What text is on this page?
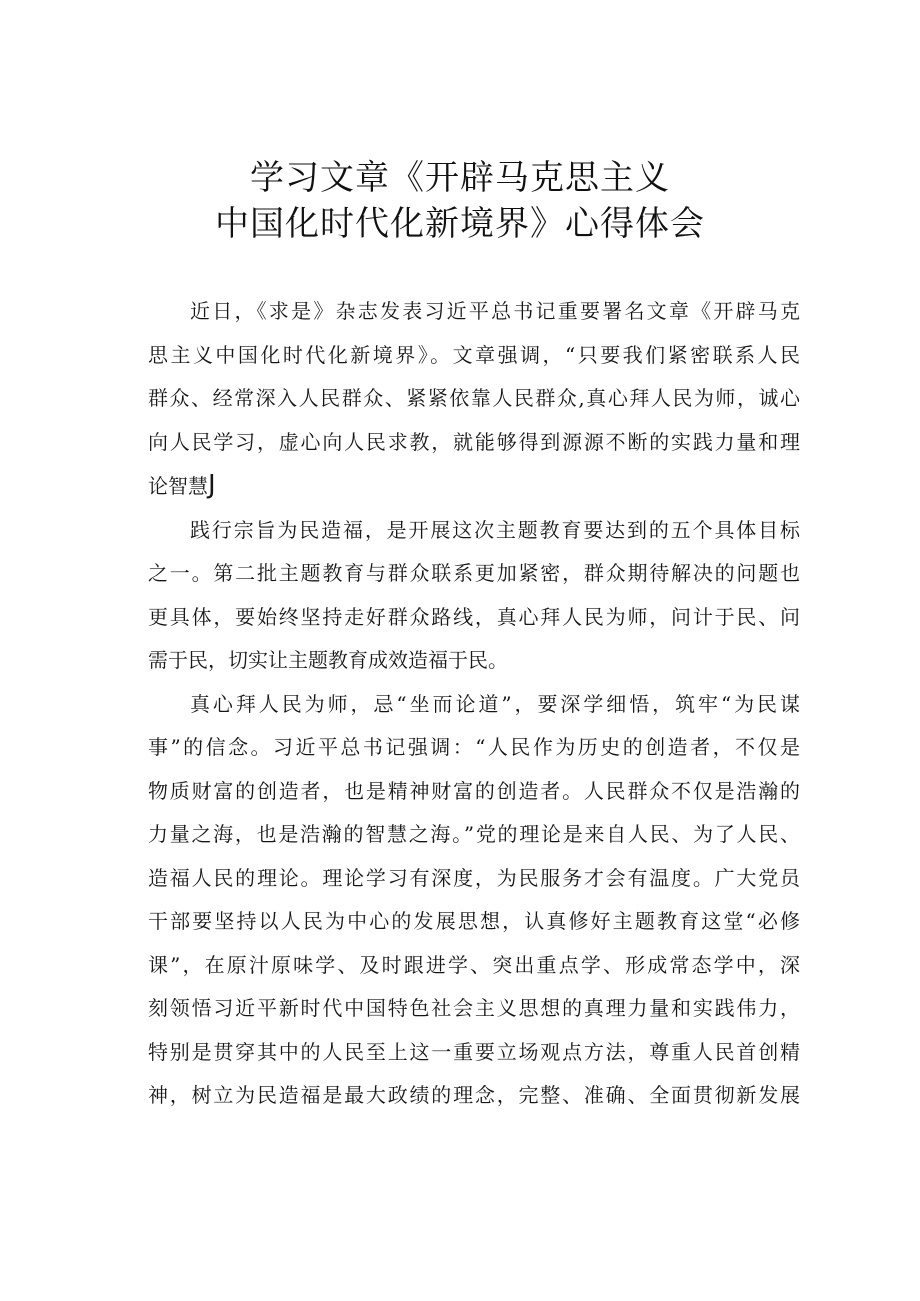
学习文章《开辟马克思主义
中国化时代化新境界》心得体会

近日，《求是》杂志发表习近平总书记重要署名文章《开辟马克
思主义中国化时代化新境界》。文章强调，“只要我们紧密联系人民
群众、经常深入人民群众、紧紧依靠人民群众,真心拜人民为师，诚心
向人民学习，虚心向人民求教，就能够得到源源不断的实践力量和理
论智慧J

践行宗旨为民造福，是开展这次主题教育要达到的五个具体目标
之一。第二批主题教育与群众联系更加紧密，群众期待解决的问题也
更具体，要始终坚持走好群众路线，真心拜人民为师，问计于民、问
需于民，切实让主题教育成效造福于民。

真心拜人民为师，忌“坐而论道”，要深学细悟，筑牢“为民谋
事”的信念。习近平总书记强调：“人民作为历史的创造者，不仅是
物质财富的创造者，也是精神财富的创造者。人民群众不仅是浩瀚的
力量之海，也是浩瀚的智慧之海。”党的理论是来自人民、为了人民、
造福人民的理论。理论学习有深度，为民服务才会有温度。广大党员
干部要坚持以人民为中心的发展思想，认真修好主题教育这堂“必修
课”，在原汁原味学、及时跟进学、突出重点学、形成常态学中，深
刻领悟习近平新时代中国特色社会主义思想的真理力量和实践伟力，
特别是贯穿其中的人民至上这一重要立场观点方法，尊重人民首创精
神，树立为民造福是最大政绩的理念，完整、准确、全面贯彻新发展
